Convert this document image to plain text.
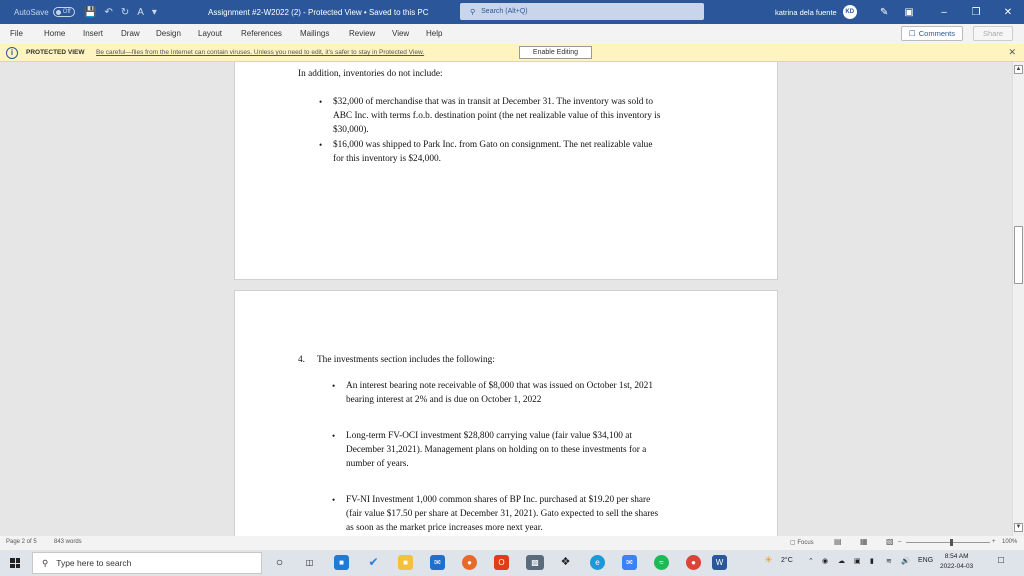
AutoSave Off 💾 ↶ ↻ A ▾	Assignment #2-W2022 (2) - Protected View • Saved to this PC	⚲ Search (Alt+Q)	katrina dela fuente	KD	✎ ▣	–	❐	✕
File	Home Insert Draw Design Layout References Mailings Review View Help	☐ Comments	Share
i	PROTECTED VIEW Be careful—files from the Internet can contain viruses. Unless you need to edit, it's safer to stay in Protected View.	Enable Editing	✕
In addition, inventories do not include:
• $32,000 of merchandise that was in transit at December 31. The inventory was sold to
ABC Inc. with terms f.o.b. destination point (the net realizable value of this inventory is
$30,000).
• $16,000 was shipped to Park Inc. from Gato on consignment. The net realizable value
for this inventory is $24,000.
4. The investments section includes the following:
• An interest bearing note receivable of $8,000 that was issued on October 1st, 2021
bearing interest at 2% and is due on October 1, 2022
• Long-term FV-OCI investment $28,800 carrying value (fair value $34,100 at
December 31,2021). Management plans on holding on to these investments for a
number of years.
• FV-NI Investment 1,000 common shares of BP Inc. purchased at $19.20 per share
(fair value $17.50 per share at December 31, 2021). Gato expected to sell the shares
as soon as the market price increases more next year.
▲
▼
Page 2 of 5	843 words	▢ Focus	▤ ▦ ▧ –	+ 100%
⚲ Type here to search	○	◫	■	✔	■	✉	●	O	▩	❖	e	✉	≈	●	W	☀ 2°C ⌃ ◉ ☁ ▣ ▮ ≋ 🔊 ENG
8:54 AM
2022-04-03
□
